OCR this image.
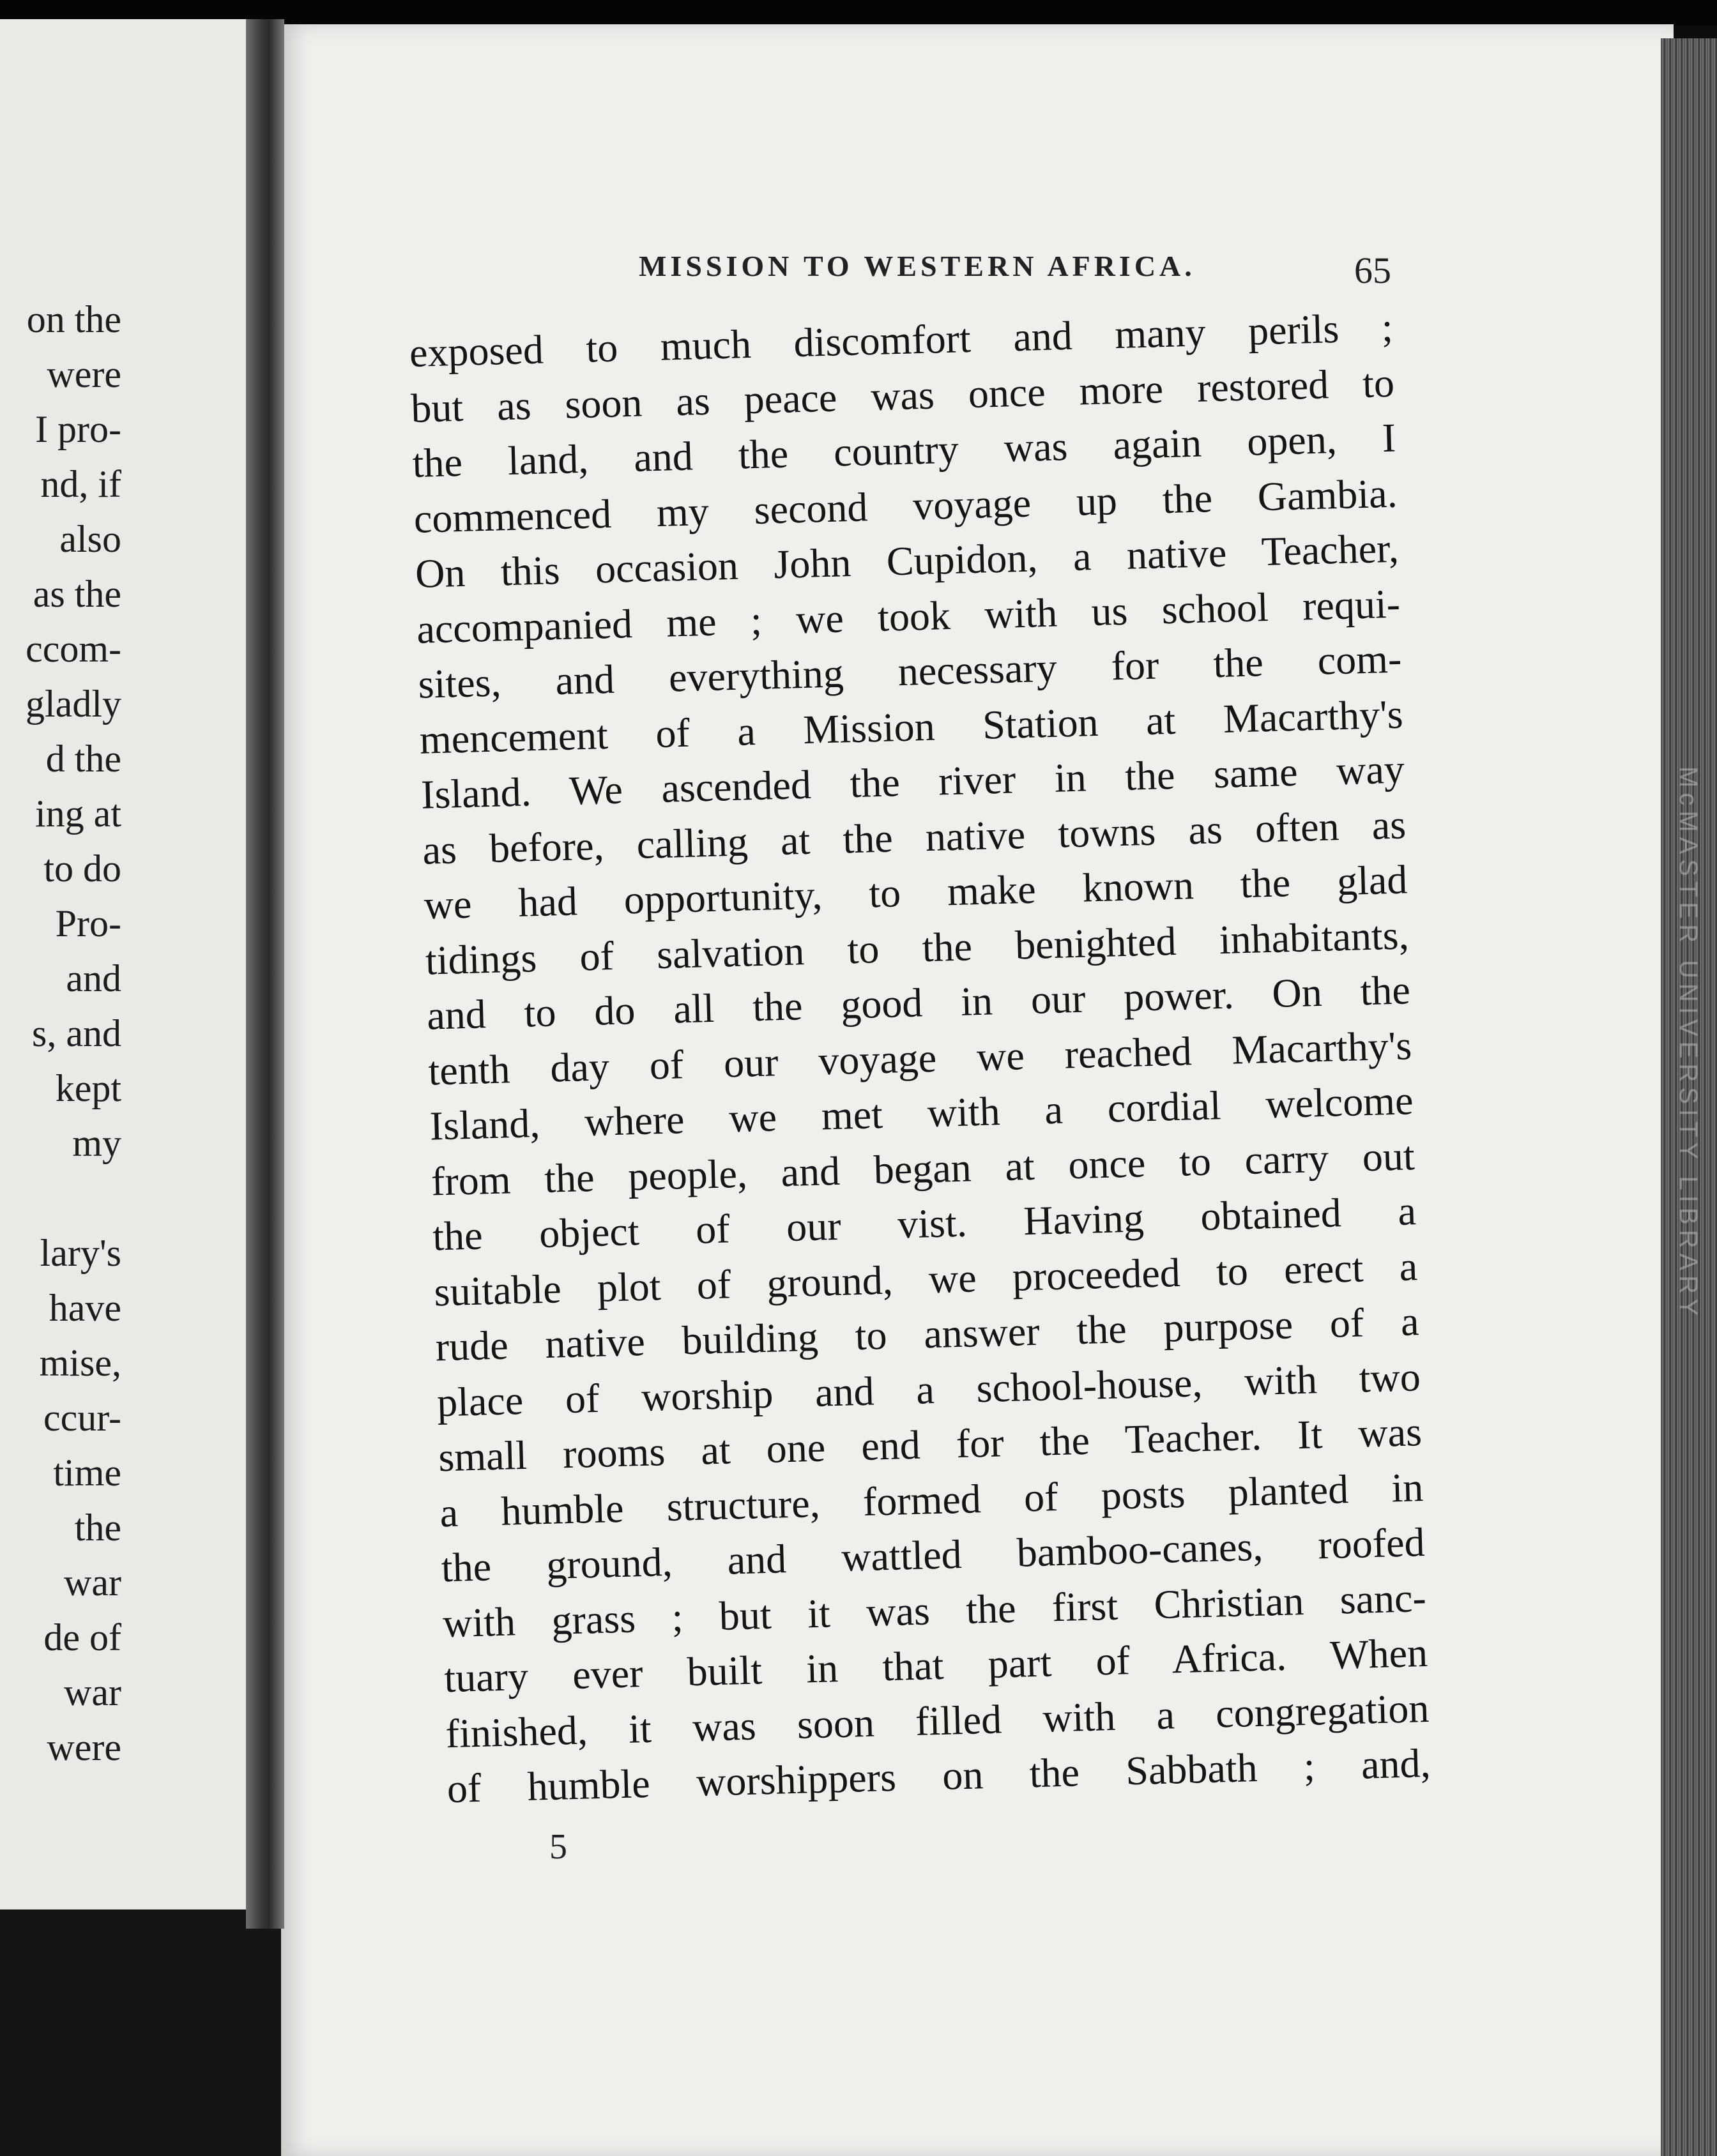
McMASTER UNIVERSITY LIBRARY
on the
were
I pro-
nd, if
also
as the
ccom-
gladly
d the
ing at
to do
Pro-
and
s, and
kept
my
lary's
have
mise,
ccur-
time
the
war
de of
war
were
MISSION TO WESTERN AFRICA.	65
exposed to much discomfort and many perils ;
but as soon as peace was once more restored to
the land, and the country was again open, I
commenced my second voyage up the Gambia.
On this occasion John Cupidon, a native Teacher,
accompanied me ; we took with us school requi-
sites, and everything necessary for the com-
mencement of a Mission Station at Macarthy's
Island. We ascended the river in the same way
as before, calling at the native towns as often as
we had opportunity, to make known the glad
tidings of salvation to the benighted inhabitants,
and to do all the good in our power. On the
tenth day of our voyage we reached Macarthy's
Island, where we met with a cordial welcome
from the people, and began at once to carry out
the object of our vist. Having obtained a
suitable plot of ground, we proceeded to erect a
rude native building to answer the purpose of a
place of worship and a school-house, with two
small rooms at one end for the Teacher. It was
a humble structure, formed of posts planted in
the ground, and wattled bamboo-canes, roofed
with grass ; but it was the first Christian sanc-
tuary ever built in that part of Africa. When
finished, it was soon filled with a congregation
of humble worshippers on the Sabbath ; and,
5
